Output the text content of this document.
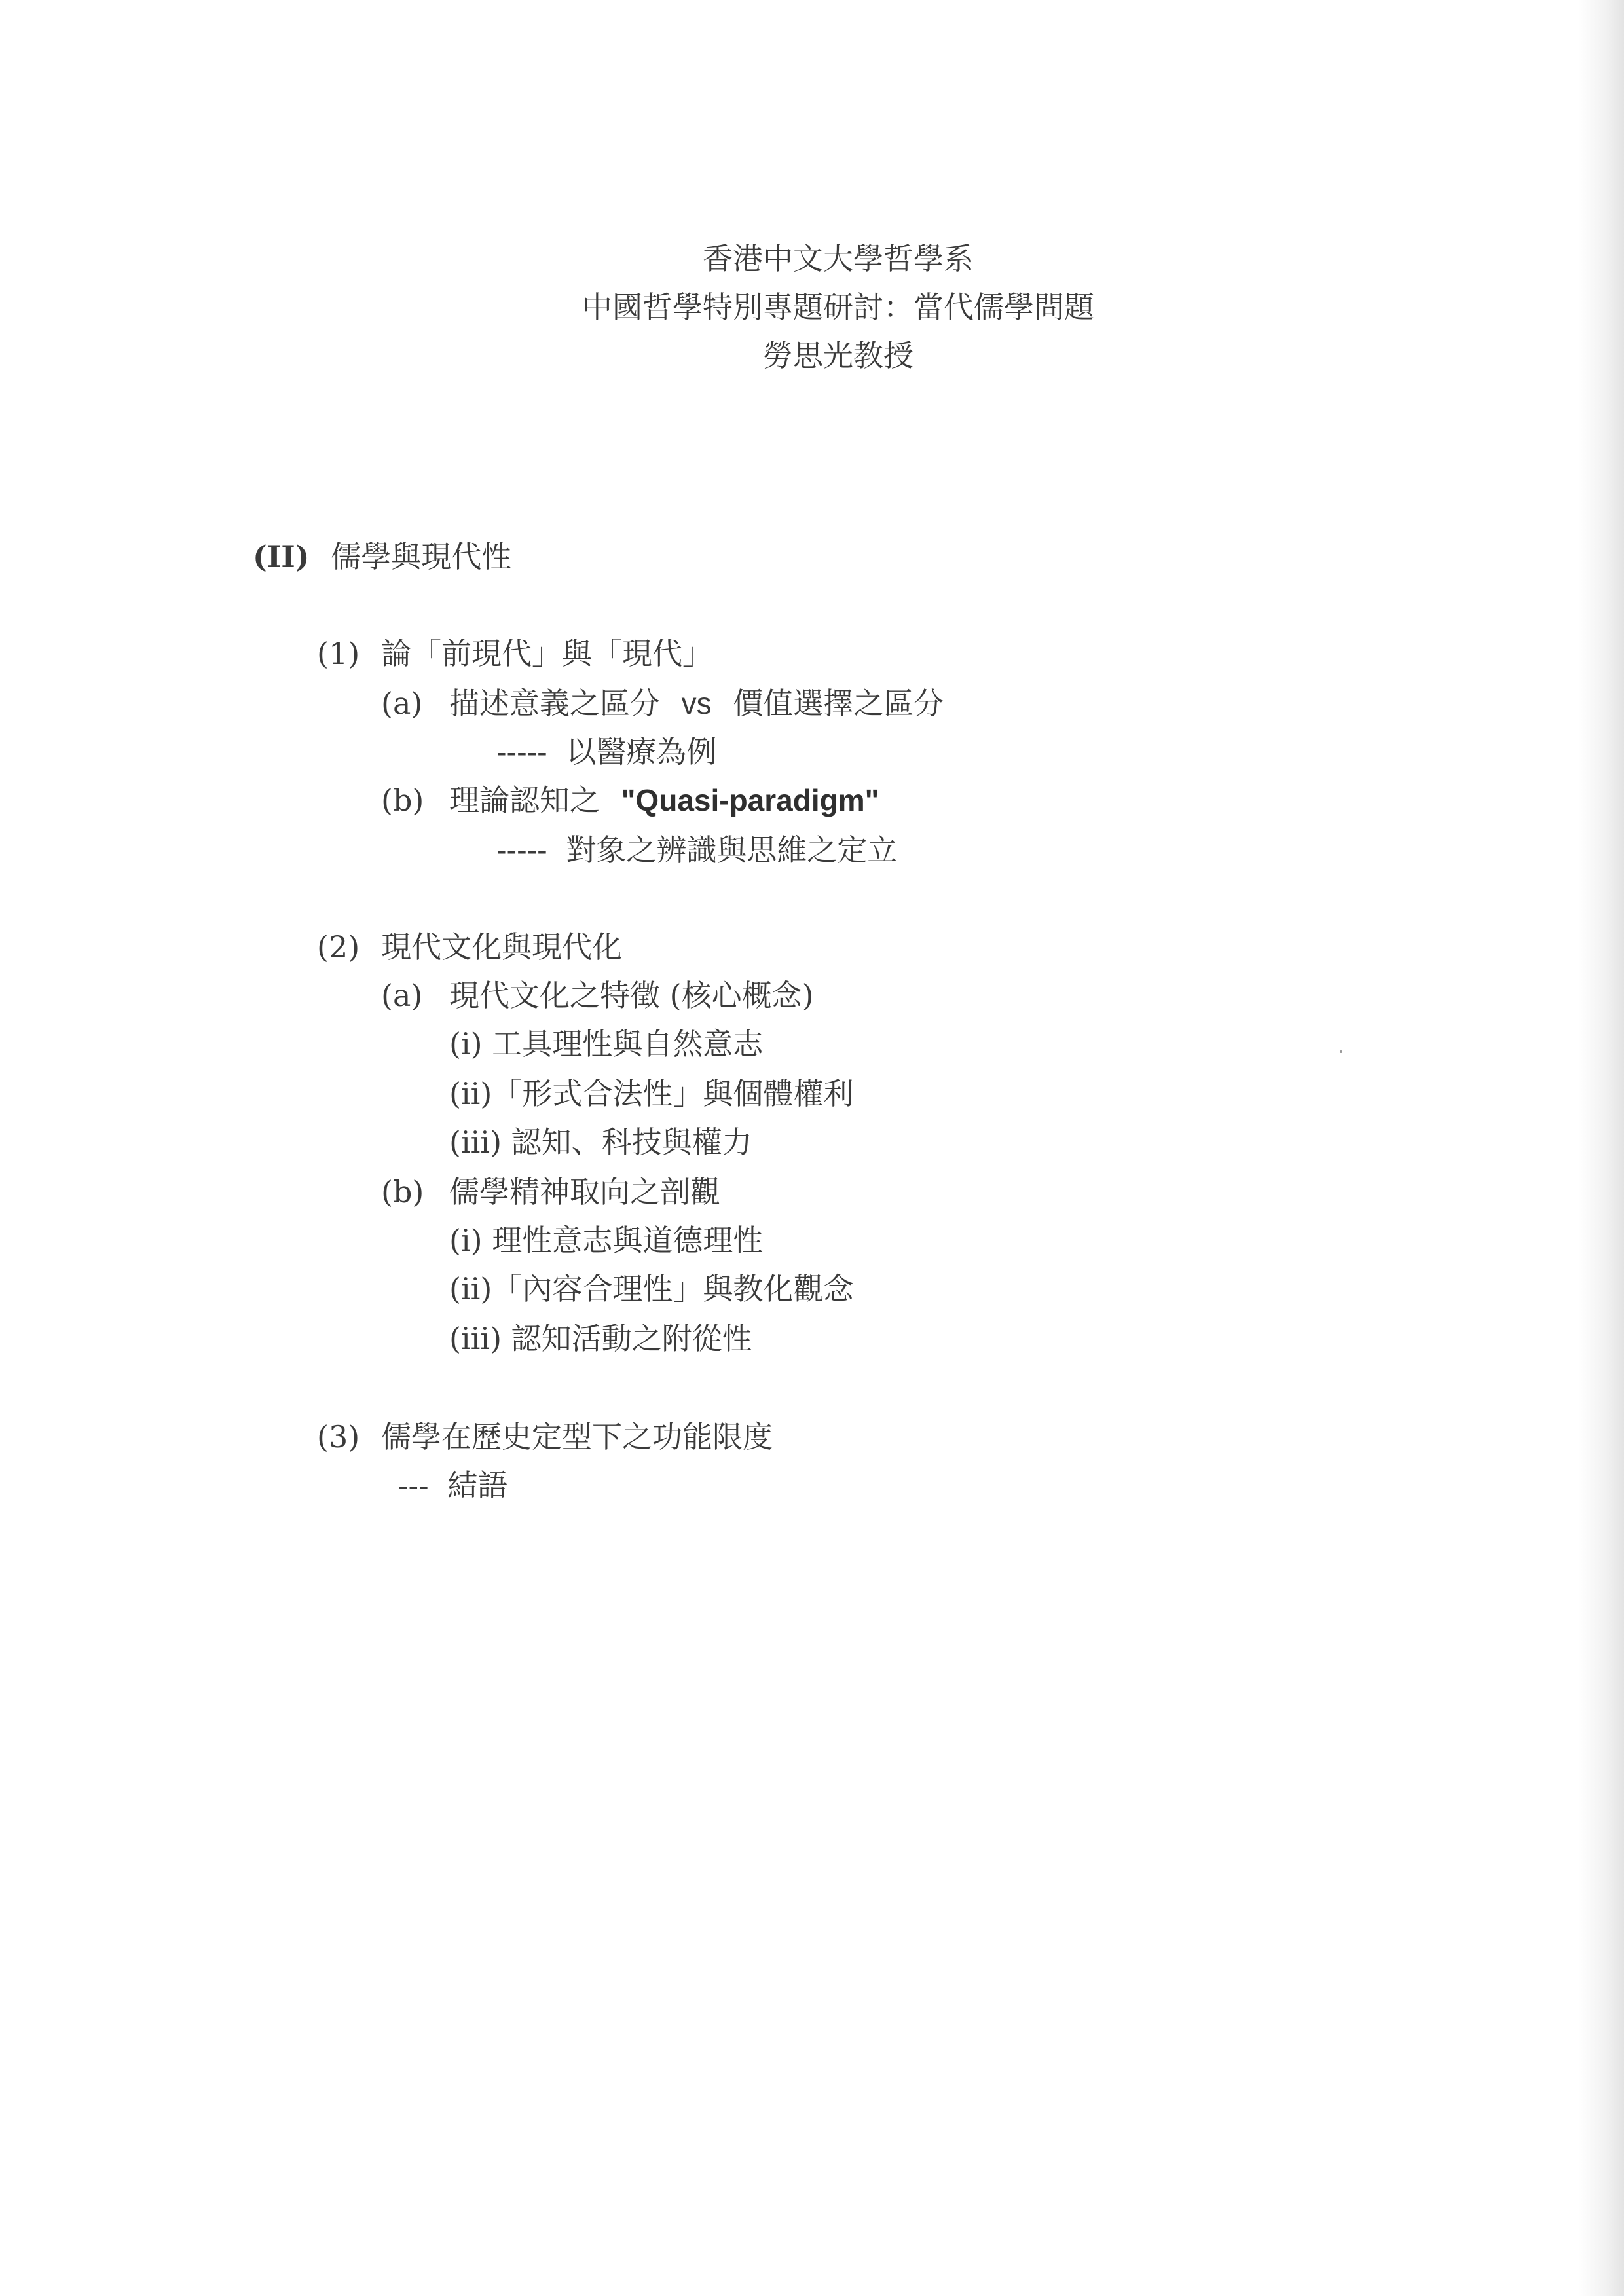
香港中文大學哲學系
中國哲學特別專題研討：當代儒學問題
勞思光教授
(II) 儒學與現代性
(1) 論「前現代」與「現代」
(a) 描述意義之區分 vs 價值選擇之區分
----- 以醫療為例
(b) 理論認知之 "Quasi-paradigm"
----- 對象之辨識與思維之定立
(2) 現代文化與現代化
(a) 現代文化之特徵 (核心概念)
(i) 工具理性與自然意志
(ii)「形式合法性」與個體權利
(iii) 認知、科技與權力
(b) 儒學精神取向之剖觀
(i) 理性意志與道德理性
(ii)「內容合理性」與教化觀念
(iii) 認知活動之附從性
(3) 儒學在歷史定型下之功能限度
--- 結語
